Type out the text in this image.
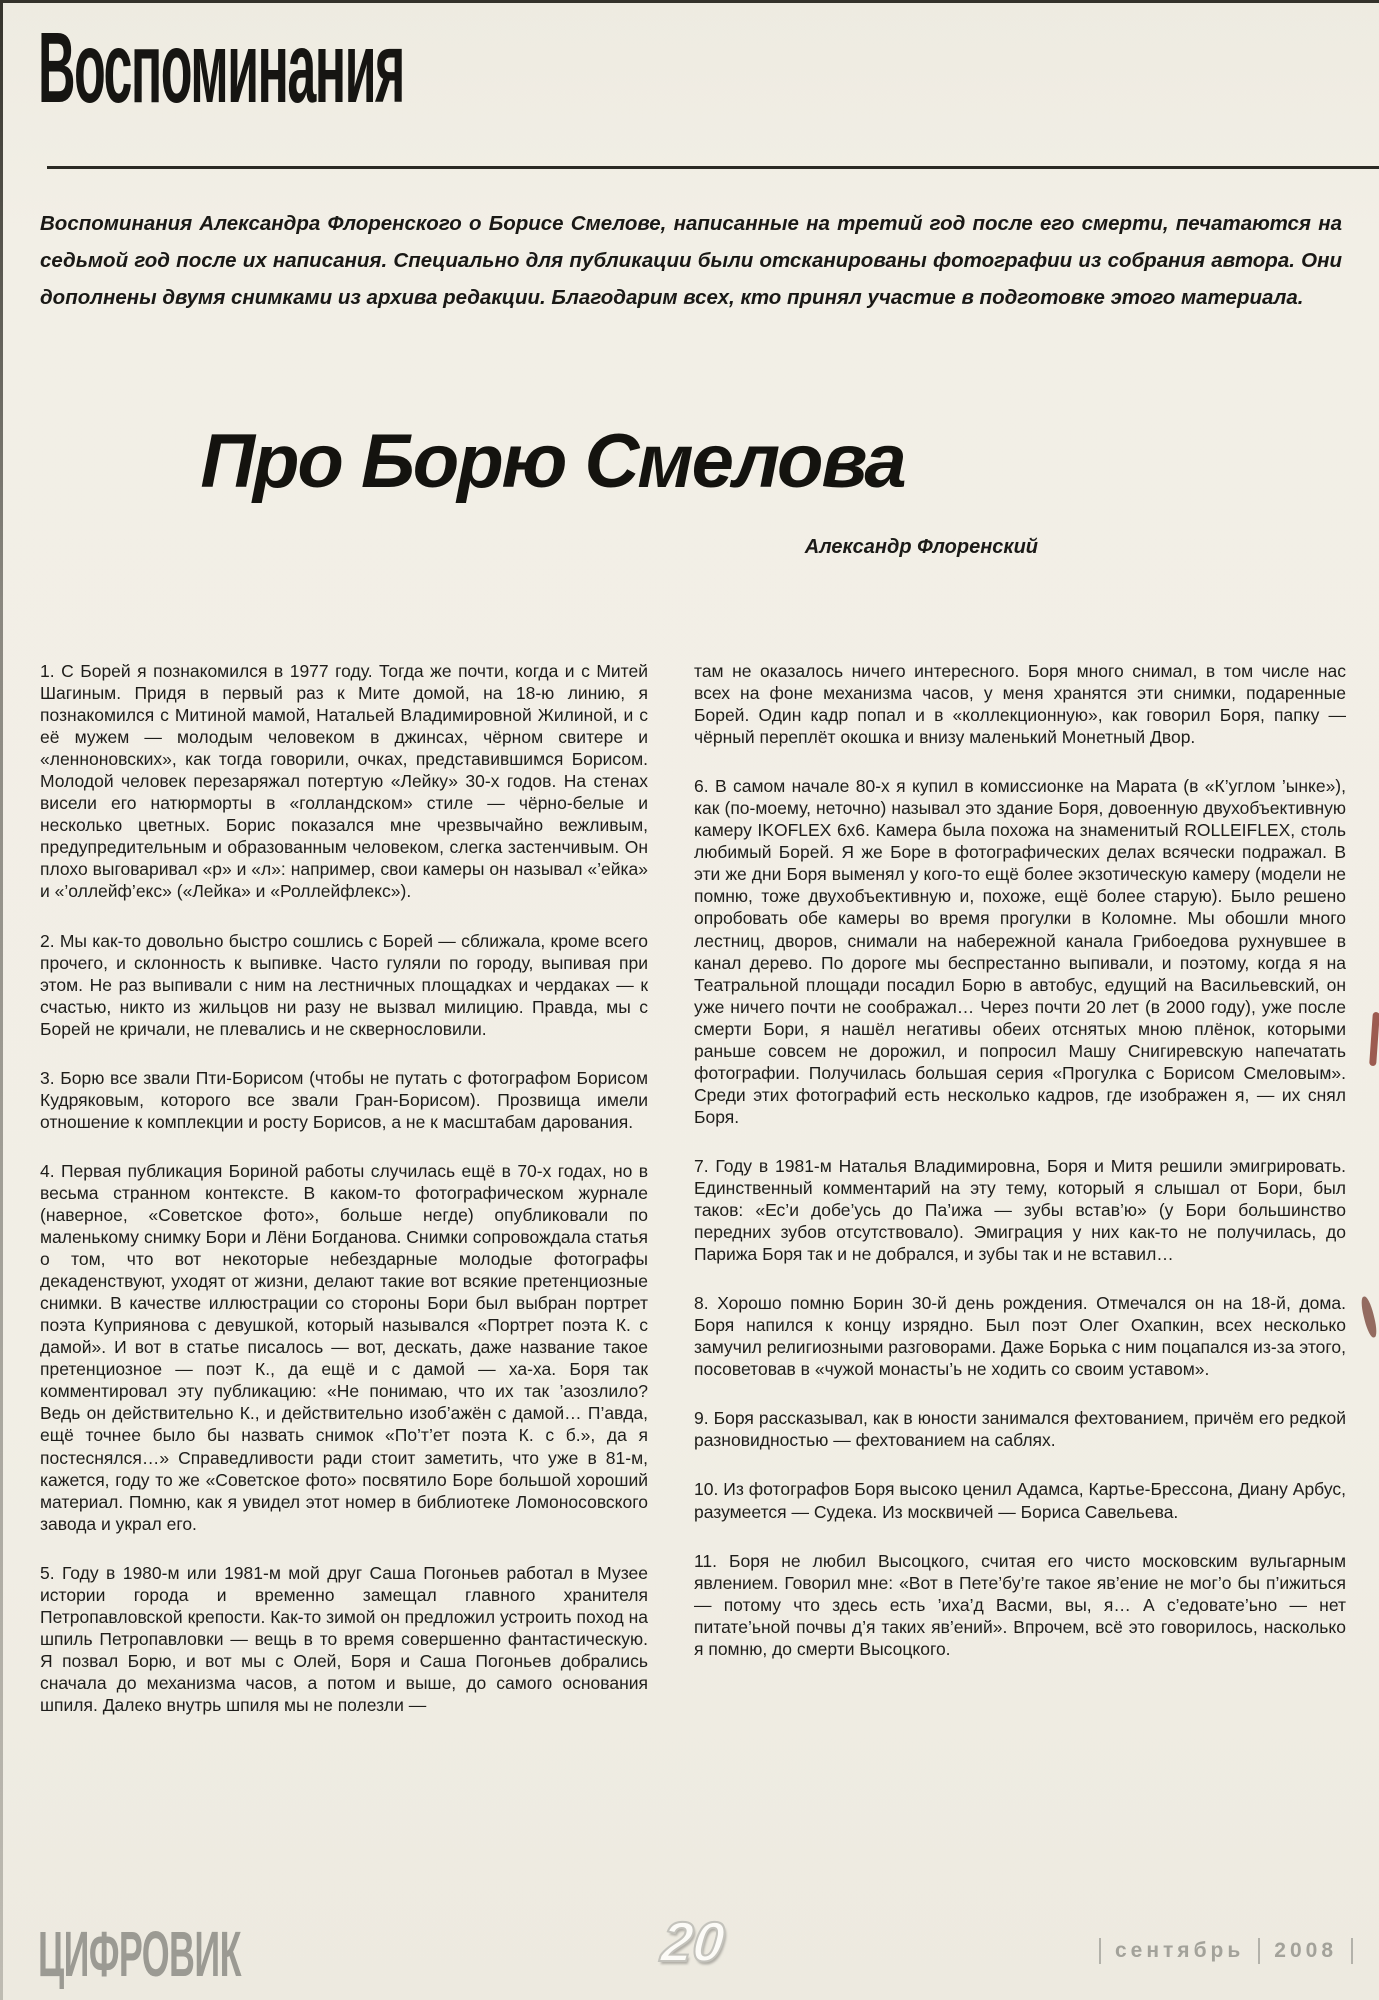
Воспоминания
Воспоминания Александра Флоренского о Борисе Смелове, написанные на третий год после его смерти, печатаются на седьмой год после их написания. Специально для публикации были отсканированы фотографии из собрания автора. Они дополнены двумя снимками из архива редакции. Благодарим всех, кто принял участие в подготовке этого материала.
Про Борю Смелова
Александр Флоренский

1. С Борей я познакомился в 1977 году. Тогда же почти, когда и с Митей Шагиным. Придя в первый раз к Мите домой, на 18-ю линию, я познакомился с Митиной мамой, Натальей Владимировной Жилиной, и с её мужем — молодым человеком в джинсах, чёрном свитере и «ленноновских», как тогда говорили, очках, представившимся Борисом. Молодой человек перезаряжал потертую «Лейку» 30-х годов. На стенах висели его натюрморты в «голландском» стиле — чёрно-белые и несколько цветных. Борис показался мне чрезвычайно вежливым, предупредительным и образованным человеком, слегка застенчивым. Он плохо выговаривал «р» и «л»: например, свои камеры он называл «’ейка» и «’оллейф’екс» («Лейка» и «Роллейфлекс»).

2. Мы как-то довольно быстро сошлись с Борей — сближала, кроме всего прочего, и склонность к выпивке. Часто гуляли по городу, выпивая при этом. Не раз выпивали с ним на лестничных площадках и чердаках — к счастью, никто из жильцов ни разу не вызвал милицию. Правда, мы с Борей не кричали, не плевались и не сквернословили.

3. Борю все звали Пти-Борисом (чтобы не путать с фотографом Борисом Кудряковым, которого все звали Гран-Борисом). Прозвища имели отношение к комплекции и росту Борисов, а не к масштабам дарования.

4. Первая публикация Бориной работы случилась ещё в 70-х годах, но в весьма странном контексте. В каком-то фотографическом журнале (наверное, «Советское фото», больше негде) опубликовали по маленькому снимку Бори и Лёни Богданова. Снимки сопровождала статья о том, что вот некоторые небездарные молодые фотографы декаденствуют, уходят от жизни, делают такие вот всякие претенциозные снимки. В качестве иллюстрации со стороны Бори был выбран портрет поэта Куприянова с девушкой, который назывался «Портрет поэта К. с дамой». И вот в статье писалось — вот, дескать, даже название такое претенциозное — поэт К., да ещё и с дамой — ха-ха. Боря так комментировал эту публикацию: «Не понимаю, что их так ’азозлило? Ведь он действительно К., и действительно изоб’ажён с дамой… П’авда, ещё точнее было бы назвать снимок «По’т’ет поэта К. с б.», да я постеснялся…» Справедливости ради стоит заметить, что уже в 81-м, кажется, году то же «Советское фото» посвятило Боре большой хороший материал. Помню, как я увидел этот номер в библиотеке Ломоносовского завода и украл его.

5. Году в 1980-м или 1981-м мой друг Саша Погоньев работал в Музее истории города и временно замещал главного хранителя Петропавловской крепости. Как-то зимой он предложил устроить поход на шпиль Петропавловки — вещь в то время совершенно фантастическую. Я позвал Борю, и вот мы с Олей, Боря и Саша Погоньев добрались сначала до механизма часов, а потом и выше, до самого основания шпиля. Далеко внутрь шпиля мы не полезли —

там не оказалось ничего интересного. Боря много снимал, в том числе нас всех на фоне механизма часов, у меня хранятся эти снимки, подаренные Борей. Один кадр попал и в «коллекционную», как говорил Боря, папку — чёрный переплёт окошка и внизу маленький Монетный Двор.

6. В самом начале 80-х я купил в комиссионке на Марата (в «К’углом ’ынке»), как (по-моему, неточно) называл это здание Боря, довоенную двухобъективную камеру IKOFLEX 6х6. Камера была похожа на знаменитый ROLLEIFLEX, столь любимый Борей. Я же Боре в фотографических делах всячески подражал. В эти же дни Боря выменял у кого-то ещё более экзотическую камеру (модели не помню, тоже двухобъективную и, похоже, ещё более старую). Было решено опробовать обе камеры во время прогулки в Коломне. Мы обошли много лестниц, дворов, снимали на набережной канала Грибоедова рухнувшее в канал дерево. По дороге мы беспрестанно выпивали, и поэтому, когда я на Театральной площади посадил Борю в автобус, едущий на Васильевский, он уже ничего почти не соображал… Через почти 20 лет (в 2000 году), уже после смерти Бори, я нашёл негативы обеих отснятых мною плёнок, которыми раньше совсем не дорожил, и попросил Машу Снигиревскую напечатать фотографии. Получилась большая серия «Прогулка с Борисом Смеловым». Среди этих фотографий есть несколько кадров, где изображен я, — их снял Боря.

7. Году в 1981-м Наталья Владимировна, Боря и Митя решили эмигрировать. Единственный комментарий на эту тему, который я слышал от Бори, был таков: «Ес’и добе’усь до Па’ижа — зубы встав’ю» (у Бори большинство передних зубов отсутствовало). Эмиграция у них как-то не получилась, до Парижа Боря так и не добрался, и зубы так и не вставил…

8. Хорошо помню Борин 30-й день рождения. Отмечался он на 18-й, дома. Боря напился к концу изрядно. Был поэт Олег Охапкин, всех несколько замучил религиозными разговорами. Даже Борька с ним поцапался из-за этого, посоветовав в «чужой монасты’ь не ходить со своим уставом».

9. Боря рассказывал, как в юности занимался фехтованием, причём его редкой разновидностью — фехтованием на саблях.

10. Из фотографов Боря высоко ценил Адамса, Картье-Брессона, Диану Арбус, разумеется — Судека. Из москвичей — Бориса Савельева.

11. Боря не любил Высоцкого, считая его чисто московским вульгарным явлением. Говорил мне: «Вот в Пете’бу’ге такое яв’ение не мог’о бы п’ижиться — потому что здесь есть ’иха’д Васми, вы, я… А с’едовате’ьно — нет питате’ьной почвы д’я таких яв’ений». Впрочем, всё это говорилось, насколько я помню, до смерти Высоцкого.

ЦИФРОВИК	20	сентябрь	2008
